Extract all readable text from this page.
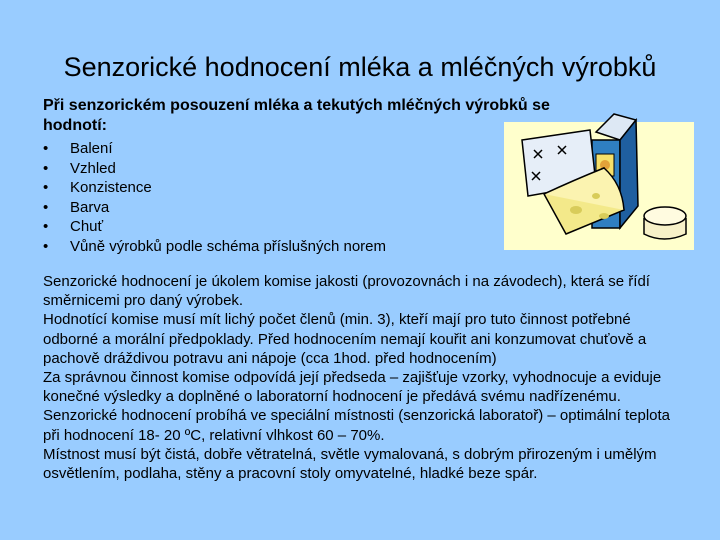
Senzorické hodnocení mléka a mléčných výrobků
Při senzorickém posouzení mléka a tekutých mléčných výrobků se hodnotí:
•	Balení
•	Vzhled
•	Konzistence
•	Barva
•	Chuť
•	Vůně výrobků podle schéma příslušných norem

Senzorické hodnocení je úkolem komise jakosti (provozovnách i na závodech), která se řídí směrnicemi pro daný výrobek.

Hodnotící komise musí mít lichý počet členů (min. 3), kteří mají pro tuto činnost potřebné odborné a morální předpoklady. Před hodnocením nemají kouřit ani konzumovat chuťově a pachově dráždivou potravu ani nápoje (cca 1hod. před hodnocením)

Za správnou činnost komise odpovídá její předseda – zajišťuje vzorky, vyhodnocuje a eviduje konečné výsledky a doplněné o laboratorní hodnocení je předává svému nadřízenému.

Senzorické hodnocení probíhá ve speciální místnosti (senzorická laboratoř) – optimální teplota při hodnocení 18- 20 ºC, relativní vlhkost 60 – 70%.

Místnost musí být čistá, dobře větratelná, světle vymalovaná, s dobrým přirozeným i umělým osvětlením, podlaha, stěny a pracovní stoly omyvatelné, hladké beze spár.
